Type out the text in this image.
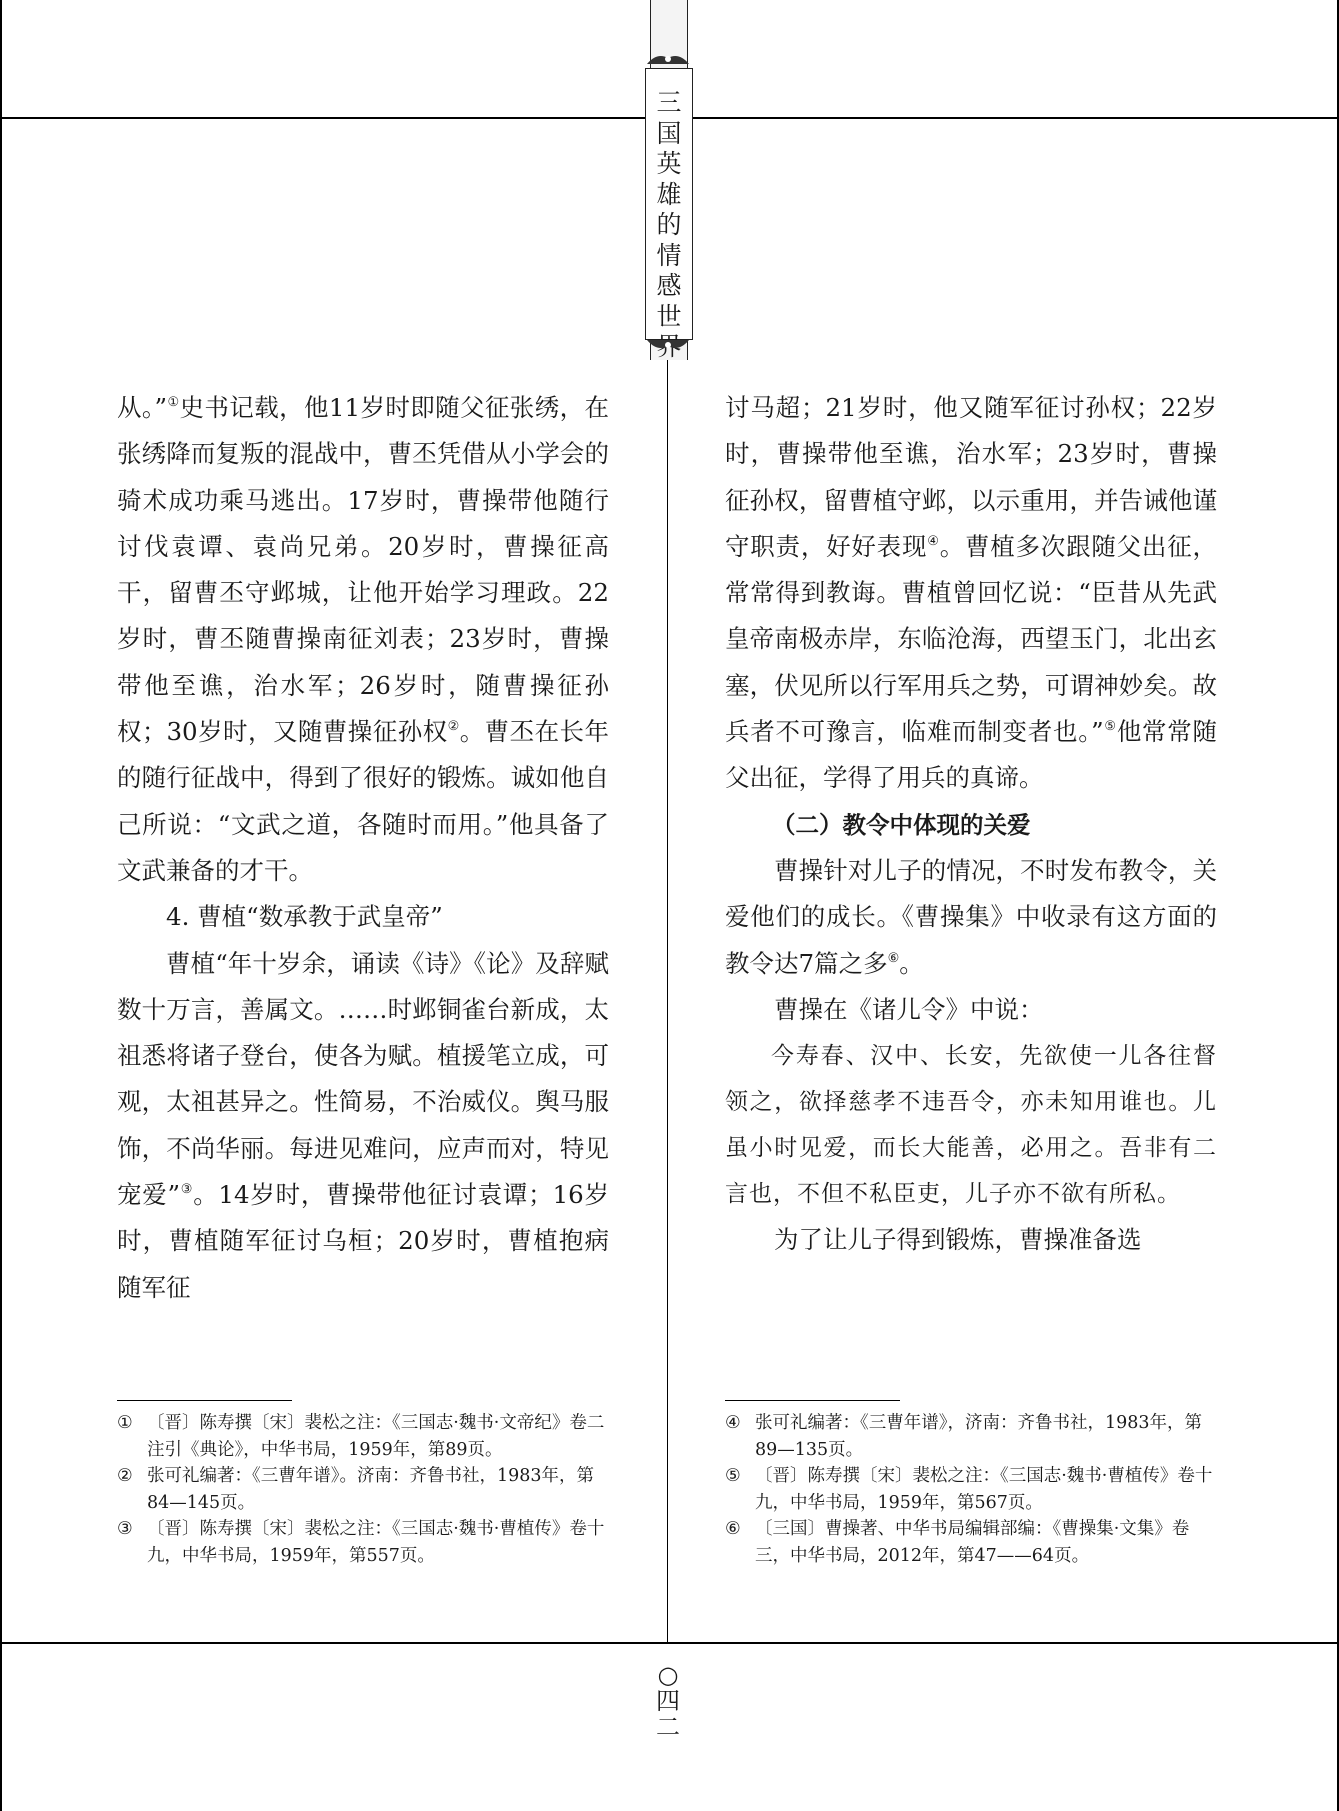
三
国
英
雄
的
情
感
世

从。”①史书记载，他11岁时即随父征张绣，在张绣降而复叛的混战中，曹丕凭借从小学会的骑术成功乘马逃出。17岁时，曹操带他随行讨伐袁谭、袁尚兄弟。20岁时，曹操征高干，留曹丕守邺城，让他开始学习理政。22岁时，曹丕随曹操南征刘表；23岁时，曹操带他至谯，治水军；26岁时，随曹操征孙权；30岁时，又随曹操征孙权②。曹丕在长年的随行征战中，得到了很好的锻炼。诚如他自己所说：“文武之道，各随时而用。”他具备了文武兼备的才干。

4. 曹植“数承教于武皇帝”

曹植“年十岁余，诵读《诗》《论》及辞赋数十万言，善属文。……时邺铜雀台新成，太祖悉将诸子登台，使各为赋。植援笔立成，可观，太祖甚异之。性简易，不治威仪。舆马服饰，不尚华丽。每进见难问，应声而对，特见宠爱”③。14岁时，曹操带他征讨袁谭；16岁时，曹植随军征讨乌桓；20岁时，曹植抱病随军征

讨马超；21岁时，他又随军征讨孙权；22岁时，曹操带他至谯，治水军；23岁时，曹操征孙权，留曹植守邺，以示重用，并告诫他谨守职责，好好表现④。曹植多次跟随父出征，常常得到教诲。曹植曾回忆说：“臣昔从先武皇帝南极赤岸，东临沧海，西望玉门，北出玄塞，伏见所以行军用兵之势，可谓神妙矣。故兵者不可豫言，临难而制变者也。”⑤他常常随父出征，学得了用兵的真谛。

（二）教令中体现的关爱

曹操针对儿子的情况，不时发布教令，关爱他们的成长。《曹操集》中收录有这方面的教令达7篇之多⑥。

曹操在《诸儿令》中说：

今寿春、汉中、长安，先欲使一儿各往督领之，欲择慈孝不违吾令，亦未知用谁也。儿虽小时见爱，而长大能善，必用之。吾非有二言也，不但不私臣吏，儿子亦不欲有所私。

为了让儿子得到锻炼，曹操准备选

① 〔晋〕陈寿撰〔宋〕裴松之注：《三国志·魏书·文帝纪》卷二注引《典论》，中华书局，1959年，第89页。
② 张可礼编著：《三曹年谱》。济南：齐鲁书社，1983年，第84—145页。
③ 〔晋〕陈寿撰〔宋〕裴松之注：《三国志·魏书·曹植传》卷十九，中华书局，1959年，第557页。
④ 张可礼编著：《三曹年谱》，济南：齐鲁书社，1983年，第89—135页。
⑤ 〔晋〕陈寿撰〔宋〕裴松之注：《三国志·魏书·曹植传》卷十九，中华书局，1959年，第567页。
⑥ 〔三国〕曹操著、中华书局编辑部编：《曹操集·文集》卷三，中华书局，2012年，第47——64页。
○
四
二
